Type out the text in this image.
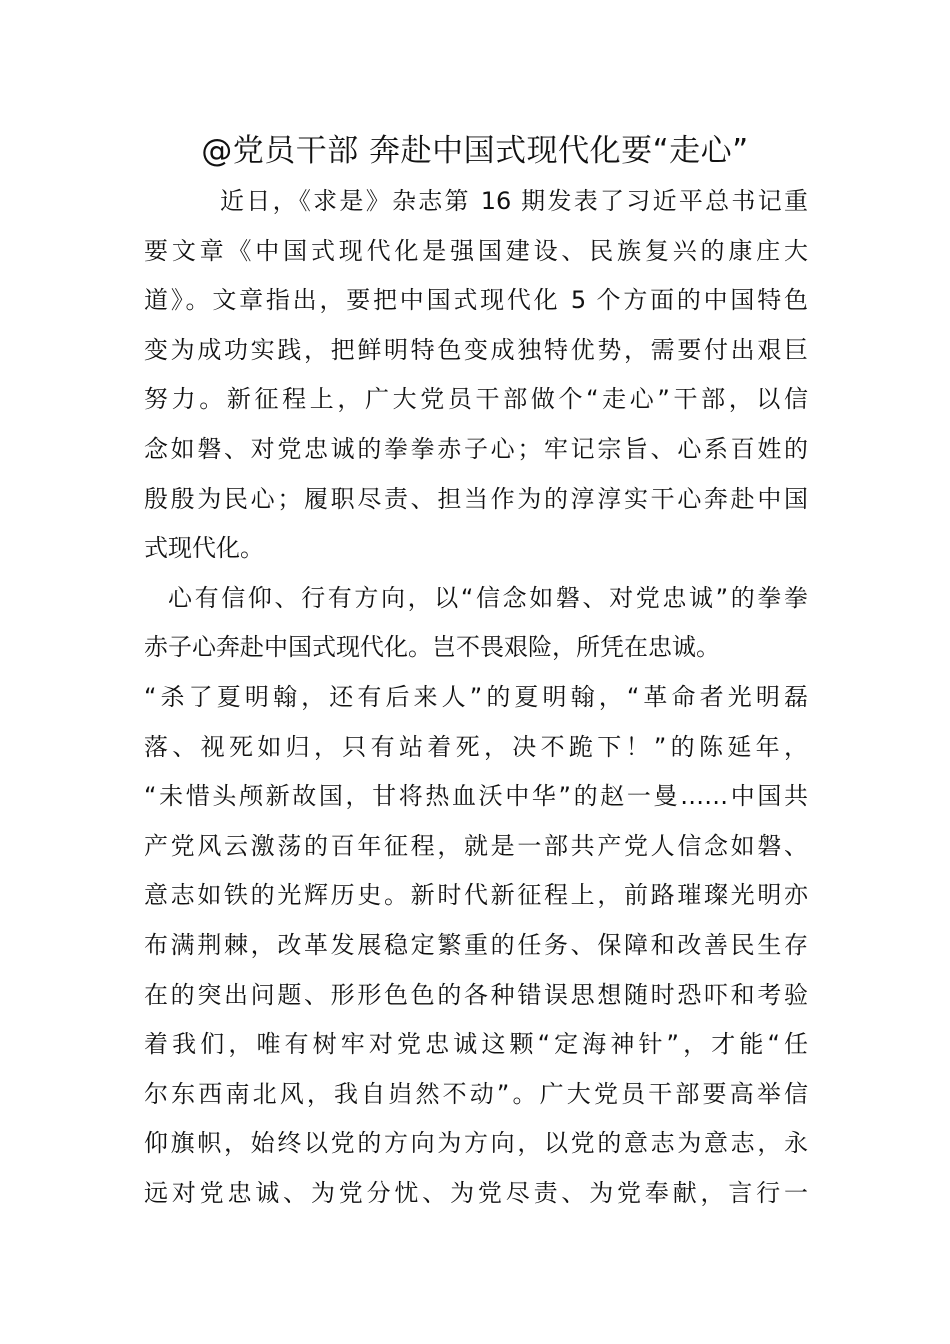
@党员干部 奔赴中国式现代化要“走心”
近日，《求是》杂志第 16 期发表了习近平总书记重
要文章《中国式现代化是强国建设、民族复兴的康庄大
道》。文章指出，要把中国式现代化 5 个方面的中国特色
变为成功实践，把鲜明特色变成独特优势，需要付出艰巨
努力。新征程上，广大党员干部做个“走心”干部，以信
念如磐、对党忠诚的拳拳赤子心；牢记宗旨、心系百姓的
殷殷为民心；履职尽责、担当作为的淳淳实干心奔赴中国
式现代化。
心有信仰、行有方向，以“信念如磐、对党忠诚”的拳拳
赤子心奔赴中国式现代化。岂不畏艰险，所凭在忠诚。
“杀了夏明翰，还有后来人”的夏明翰，“革命者光明磊
落、视死如归，只有站着死，决不跪下！”的陈延年，
“未惜头颅新故国，甘将热血沃中华”的赵一曼……中国共
产党风云激荡的百年征程，就是一部共产党人信念如磐、
意志如铁的光辉历史。新时代新征程上，前路璀璨光明亦
布满荆棘，改革发展稳定繁重的任务、保障和改善民生存
在的突出问题、形形色色的各种错误思想随时恐吓和考验
着我们，唯有树牢对党忠诚这颗“定海神针”，才能“任
尔东西南北风，我自岿然不动”。广大党员干部要高举信
仰旗帜，始终以党的方向为方向，以党的意志为意志，永
远对党忠诚、为党分忧、为党尽责、为党奉献，言行一
